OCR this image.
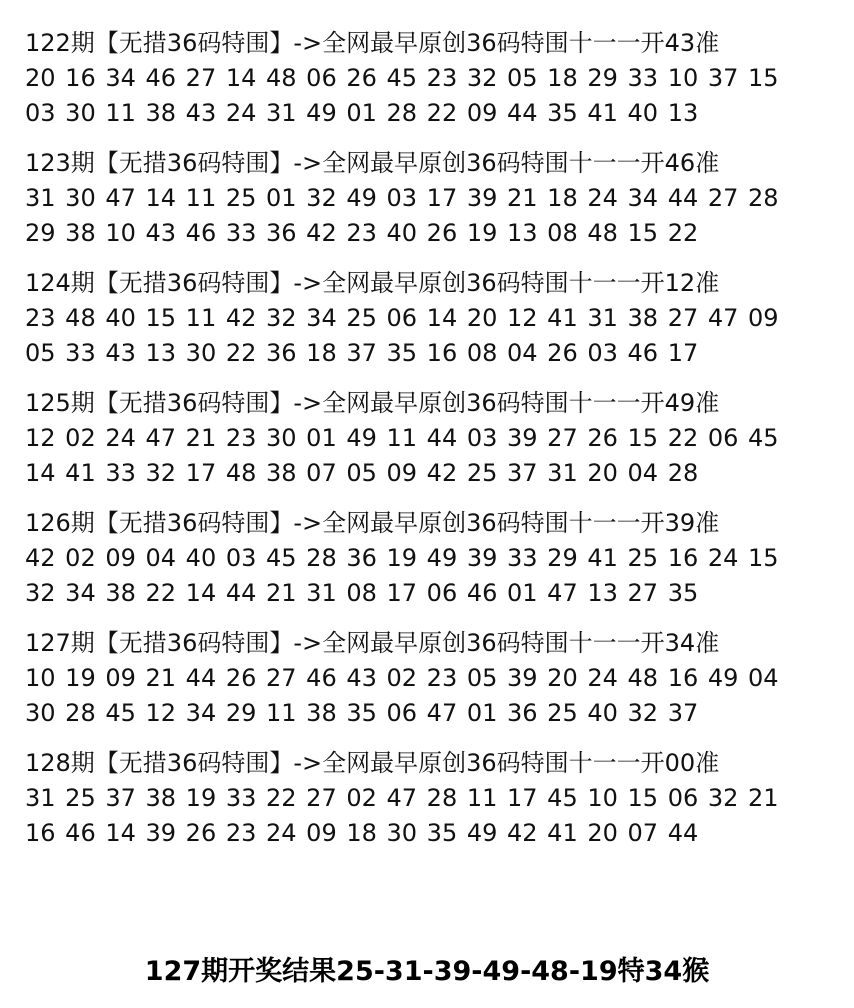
122期【无措36码特围】->全网最早原创36码特围十一一开43准
20 16 34 46 27 14 48 06 26 45 23 32 05 18 29 33 10 37 15
03 30 11 38 43 24 31 49 01 28 22 09 44 35 41 40 13
123期【无措36码特围】->全网最早原创36码特围十一一开46准
31 30 47 14 11 25 01 32 49 03 17 39 21 18 24 34 44 27 28
29 38 10 43 46 33 36 42 23 40 26 19 13 08 48 15 22
124期【无措36码特围】->全网最早原创36码特围十一一开12准
23 48 40 15 11 42 32 34 25 06 14 20 12 41 31 38 27 47 09
05 33 43 13 30 22 36 18 37 35 16 08 04 26 03 46 17
125期【无措36码特围】->全网最早原创36码特围十一一开49准
12 02 24 47 21 23 30 01 49 11 44 03 39 27 26 15 22 06 45
14 41 33 32 17 48 38 07 05 09 42 25 37 31 20 04 28
126期【无措36码特围】->全网最早原创36码特围十一一开39准
42 02 09 04 40 03 45 28 36 19 49 39 33 29 41 25 16 24 15
32 34 38 22 14 44 21 31 08 17 06 46 01 47 13 27 35
127期【无措36码特围】->全网最早原创36码特围十一一开34准
10 19 09 21 44 26 27 46 43 02 23 05 39 20 24 48 16 49 04
30 28 45 12 34 29 11 38 35 06 47 01 36 25 40 32 37
128期【无措36码特围】->全网最早原创36码特围十一一开00准
31 25 37 38 19 33 22 27 02 47 28 11 17 45 10 15 06 32 21
16 46 14 39 26 23 24 09 18 30 35 49 42 41 20 07 44
127期开奖结果25-31-39-49-48-19特34猴
